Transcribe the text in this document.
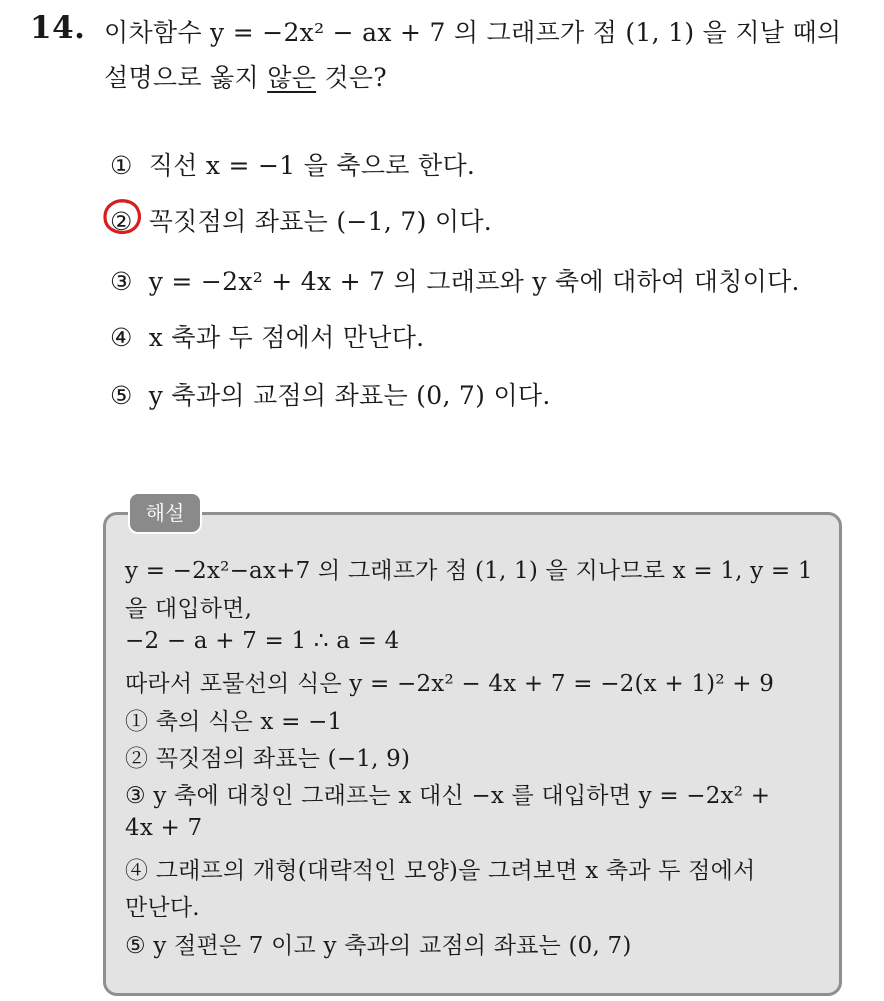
14. 이차함수 y = −2x² − ax + 7 의 그래프가 점 (1, 1) 을 지날 때의
설명으로 옳지 않은 것은?
① 직선 x = −1 을 축으로 한다.
② 꼭짓점의 좌표는 (−1, 7) 이다.
③ y = −2x² + 4x + 7 의 그래프와 y 축에 대하여 대칭이다.
④ x 축과 두 점에서 만난다.
⑤ y 축과의 교점의 좌표는 (0, 7) 이다.
해설
y = −2x²−ax+7 의 그래프가 점 (1, 1) 을 지나므로 x = 1, y = 1
을 대입하면,
−2 − a + 7 = 1 ∴ a = 4
따라서 포물선의 식은 y = −2x² − 4x + 7 = −2(x + 1)² + 9
① 축의 식은 x = −1
② 꼭짓점의 좌표는 (−1, 9)
③ y 축에 대칭인 그래프는 x 대신 −x 를 대입하면 y = −2x² +
4x + 7
④ 그래프의 개형(대략적인 모양)을 그려보면 x 축과 두 점에서
만난다.
⑤ y 절편은 7 이고 y 축과의 교점의 좌표는 (0, 7)
